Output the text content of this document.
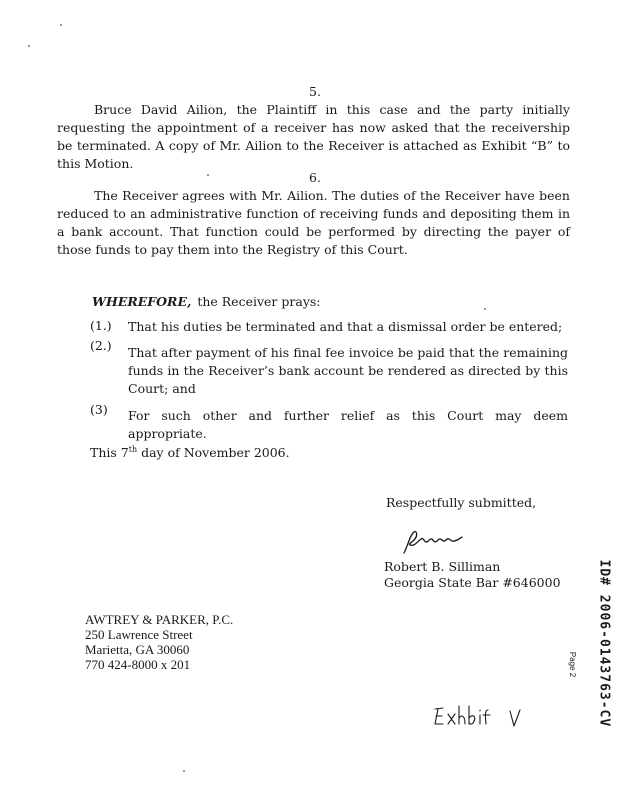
5.
Bruce David Ailion, the Plaintiff in this case and the party initially requesting the appointment of a receiver has now asked that the receivership be terminated. A copy of Mr. Ailion to the Receiver is attached as Exhibit “B” to this Motion.
6.
The Receiver agrees with Mr. Ailion. The duties of the Receiver have been reduced to an administrative function of receiving funds and depositing them in a bank account. That function could be performed by directing the payer of those funds to pay them into the Registry of this Court.
WHEREFORE, the Receiver prays:
(1.) That his duties be terminated and that a dismissal order be entered;
(2.) That after payment of his final fee invoice be paid that the remaining funds in the Receiver’s bank account be rendered as directed by this Court; and
(3) For such other and further relief as this Court may deem appropriate.
This 7th day of November 2006.
Respectfully submitted,
Robert B. Silliman
Georgia State Bar #646000
AWTREY & PARKER, P.C.
250 Lawrence Street
Marietta, GA 30060
770 424-8000 x 201	ID# 2006-0143763-CV
Page 2
